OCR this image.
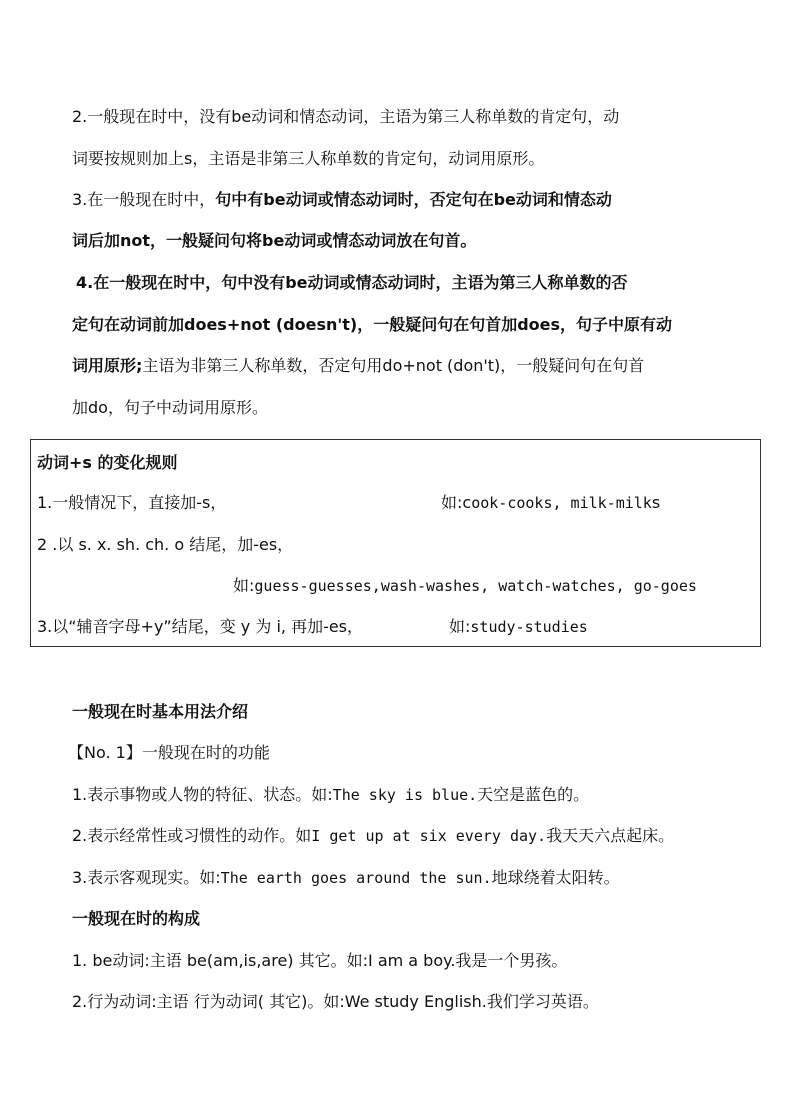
2.一般现在时中，没有be动词和情态动词，主语为第三人称单数的肯定句，动
词要按规则加上s，主语是非第三人称单数的肯定句，动词用原形。
3.在一般现在时中，句中有be动词或情态动词时，否定句在be动词和情态动
词后加not，一般疑问句将be动词或情态动词放在句首。
4.在一般现在时中，句中没有be动词或情态动词时，主语为第三人称单数的否
定句在动词前加does+not (doesn't)，一般疑问句在句首加does，句子中原有动
词用原形;主语为非第三人称单数，否定句用do+not (don't)，一般疑问句在句首
加do，句子中动词用原形。
动词+s 的变化规则
1.一般情况下，直接加-s，	如:cook-cooks, milk-milks
2 .以 s. x. sh. ch. o 结尾，加-es，
如:guess-guesses,wash-washes, watch-watches, go-goes
3.以“辅音字母+y”结尾，变 y 为 i, 再加-es，	如:study-studies
一般现在时基本用法介绍
【No. 1】一般现在时的功能
1.表示事物或人物的特征、状态。如:The sky is blue.天空是蓝色的。
2.表示经常性或习惯性的动作。如I get up at six every day.我天天六点起床。
3.表示客观现实。如:The earth goes around the sun.地球绕着太阳转。
一般现在时的构成
1. be动词:主语 be(am,is,are) 其它。如:I am a boy.我是一个男孩。
2.行为动词:主语 行为动词( 其它)。如:We study English.我们学习英语。
